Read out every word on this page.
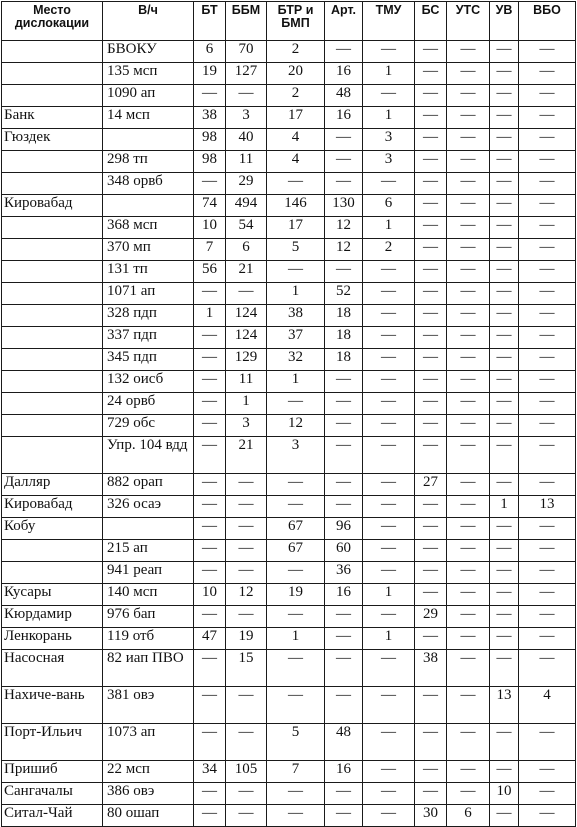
Место дислокации	В/ч	БТ	ББМ	БТР и БМП	Арт.	ТМУ	БС	УТС	УВ	ВБО
	БВОКУ	6	70	2	—	—	—	—	—	—
	135 мсп	19	127	20	16	1	—	—	—	—
	1090 ап	—	—	2	48	—	—	—	—	—
Банк	14 мсп	38	3	17	16	1	—	—	—	—
Гюздек		98	40	4	—	3	—	—	—	—
	298 тп	98	11	4	—	3	—	—	—	—
	348 орвб	—	29	—	—	—	—	—	—	—
Кировабад		74	494	146	130	6	—	—	—	—
	368 мсп	10	54	17	12	1	—	—	—	—
	370 мп	7	6	5	12	2	—	—	—	—
	131 тп	56	21	—	—	—	—	—	—	—
	1071 ап	—	—	1	52	—	—	—	—	—
	328 пдп	1	124	38	18	—	—	—	—	—
	337 пдп	—	124	37	18	—	—	—	—	—
	345 пдп	—	129	32	18	—	—	—	—	—
	132 оисб	—	11	1	—	—	—	—	—	—
	24 орвб	—	1	—	—	—	—	—	—	—
	729 обс	—	3	12	—	—	—	—	—	—

	Упр. 104 вдд	—	21	3	—	—	—	—	—	—
Далляр	882 орап	—	—	—	—	—	27	—	—	—
Кировабад	326 осаэ	—	—	—	—	—	—	—	1	13
Кобу		—	—	67	96	—	—	—	—	—
	215 ап	—	—	67	60	—	—	—	—	—
	941 реап	—	—	—	36	—	—	—	—	—
Кусары	140 мсп	10	12	19	16	1	—	—	—	—
Кюрдамир	976 бап	—	—	—	—	—	29	—	—	—
Ленкорань	119 отб	47	19	1	—	1	—	—	—	—

Насосная	82 иап ПВО	—	15	—	—	—	38	—	—	—

Нахиче-вань	381 овэ	—	—	—	—	—	—	—	13	4

Порт-Ильич	1073 ап	—	—	5	48	—	—	—	—	—
Пришиб	22 мсп	34	105	7	16	—	—	—	—	—
Сангачалы	386 овэ	—	—	—	—	—	—	—	10	—
Ситал-Чай	80 ошап	—	—	—	—	—	30	6	—	—
